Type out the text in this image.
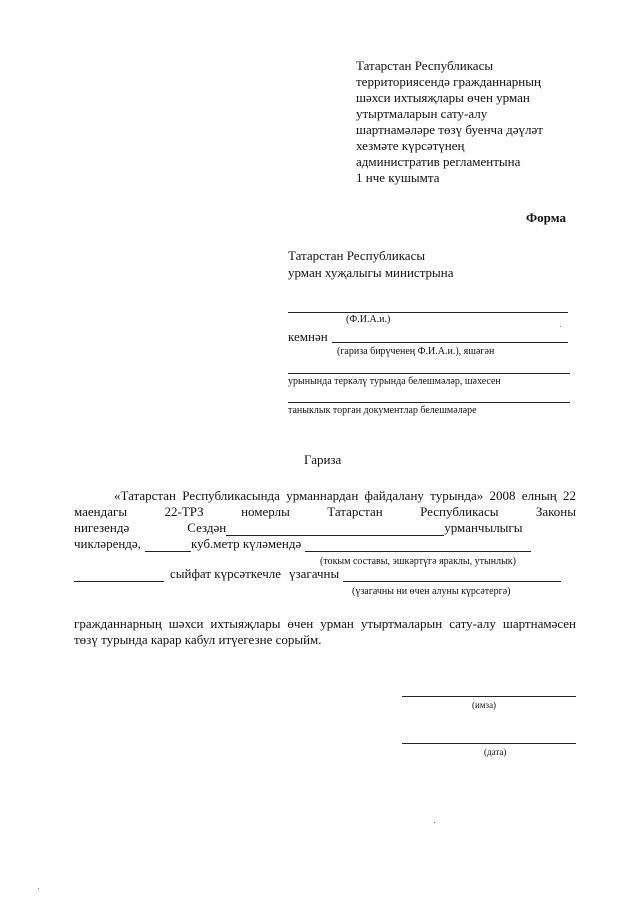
Татарстан Республикасы
территориясендә гражданнарның
шәхси ихтыяҗлары өчен урман
утыртмаларын сату-алу
шартнамәләре төзү буенча дәүләт
хезмәте күрсәтүнең
административ регламентына
1 нче кушымта
Форма
Татарстан Республикасы
урман хуҗалыгы министрына
(Ф.И.А.и.)
кемнән
(гариза бирүченең Ф.И.А.и.), яшәгән
урынында теркәлү турында белешмәләр, шәхесен
таныклык торган документлар белешмәләре
Гариза
«Татарстан Республикасында урманнардан файдалану турында» 2008 елның 22 маендагы 22-ТРЗ номерлы Татарстан Республикасы Законы
нигезендә	Сездән	урманчылыгы
чикләрендә,	куб.метр күләмендә
(токым составы, эшкәртүгә яраклы, утынлык)
сыйфат күрсәткечле үзагачны
(үзагачны ни өчен алуны күрсәтергә)
гражданнарның шәхси ихтыяҗлары өчен урман утыртмаларын сату-алу шартнамәсен төзү турында карар кабул итүегезне сорыйм.
(имза)
(дата)
